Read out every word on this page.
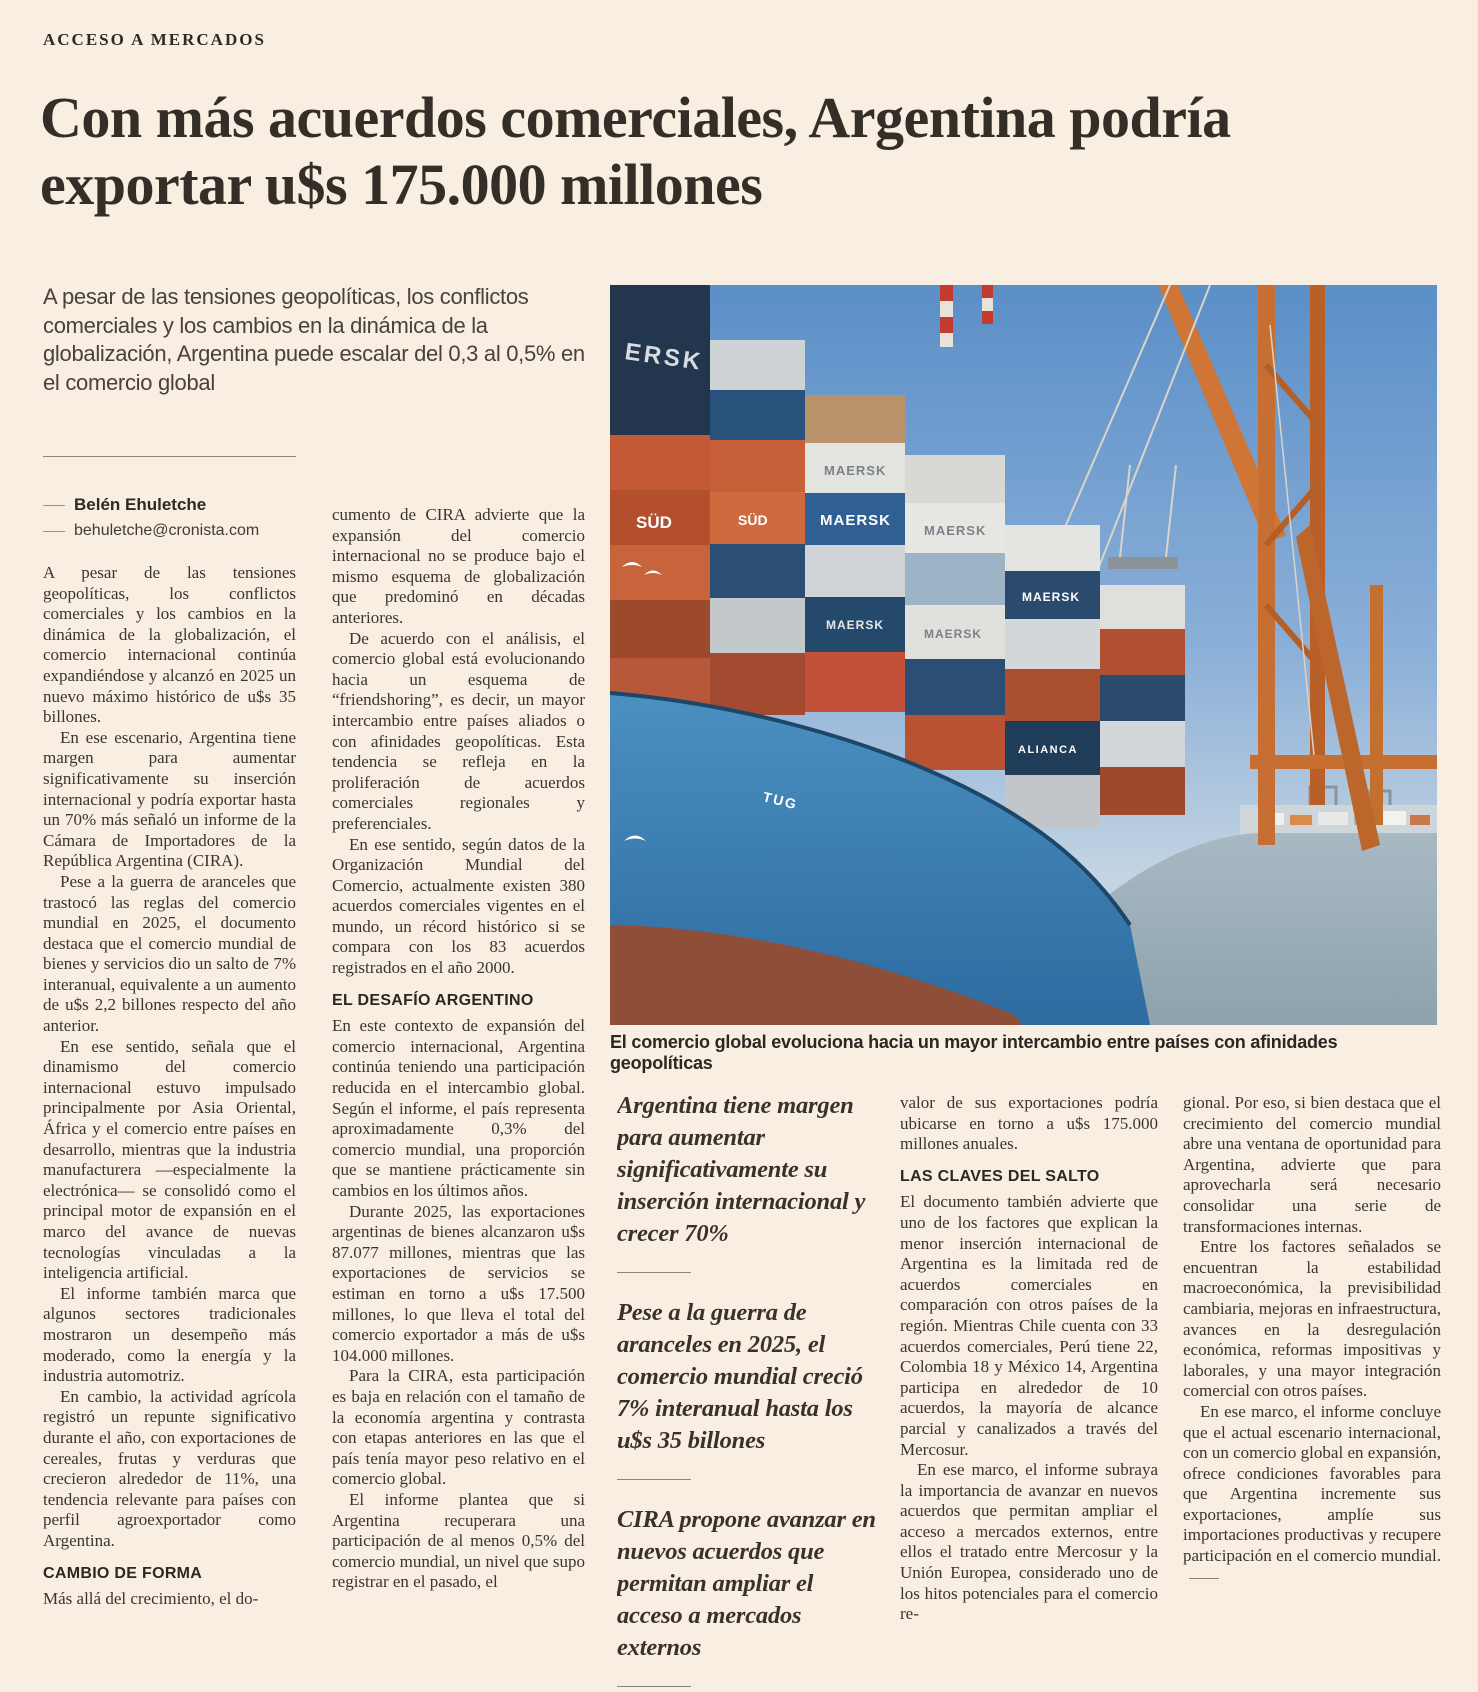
ACCESO A MERCADOS
Con más acuerdos comerciales, Argentina podría exportar u$s 175.000 millones
A pesar de las tensiones geopolíticas, los conflictos comerciales y los cambios en la dinámica de la globalización, Argentina puede escalar del 0,3 al 0,5% en el comercio global
Belén Ehuletche
behuletche@cronista.com

A pesar de las tensiones geopolíticas, los conflictos comerciales y los cambios en la dinámica de la globalización, el comercio internacional continúa expandiéndose y alcanzó en 2025 un nuevo máximo histórico de u$s 35 billones.

En ese escenario, Argentina tiene margen para aumentar significativamente su inserción internacional y podría exportar hasta un 70% más señaló un informe de la Cámara de Importadores de la República Argentina (CIRA).

Pese a la guerra de aranceles que trastocó las reglas del comercio mundial en 2025, el documento destaca que el comercio mundial de bienes y servicios dio un salto de 7% interanual, equivalente a un aumento de u$s 2,2 billones respecto del año anterior.

En ese sentido, señala que el dinamismo del comercio internacional estuvo impulsado principalmente por Asia Oriental, África y el comercio entre países en desarrollo, mientras que la industria manufacturera —especialmente la electrónica— se consolidó como el principal motor de expansión en el marco del avance de nuevas tecnologías vinculadas a la inteligencia artificial.

El informe también marca que algunos sectores tradicionales mostraron un desempeño más moderado, como la energía y la industria automotriz.

En cambio, la actividad agrícola registró un repunte significativo durante el año, con exportaciones de cereales, frutas y verduras que crecieron alrededor de 11%, una tendencia relevante para países con perfil agroexportador como Argentina.

CAMBIO DE FORMA

Más allá del crecimiento, el do-

cumento de CIRA advierte que la expansión del comercio internacional no se produce bajo el mismo esquema de globalización que predominó en décadas anteriores.

De acuerdo con el análisis, el comercio global está evolucionando hacia un esquema de “friendshoring”, es decir, un mayor intercambio entre países aliados o con afinidades geopolíticas. Esta tendencia se refleja en la proliferación de acuerdos comerciales regionales y preferenciales.

En ese sentido, según datos de la Organización Mundial del Comercio, actualmente existen 380 acuerdos comerciales vigentes en el mundo, un récord histórico si se compara con los 83 acuerdos registrados en el año 2000.

EL DESAFÍO ARGENTINO

En este contexto de expansión del comercio internacional, Argentina continúa teniendo una participación reducida en el intercambio global. Según el informe, el país representa aproximadamente 0,3% del comercio mundial, una proporción que se mantiene prácticamente sin cambios en los últimos años.

Durante 2025, las exportaciones argentinas de bienes alcanzaron u$s 87.077 millones, mientras que las exportaciones de servicios se estiman en torno a u$s 17.500 millones, lo que lleva el total del comercio exportador a más de u$s 104.000 millones.

Para la CIRA, esta participación es baja en relación con el tamaño de la economía argentina y contrasta con etapas anteriores en las que el país tenía mayor peso relativo en el comercio global.

El informe plantea que si Argentina recuperara una participación de al menos 0,5% del comercio mundial, un nivel que supo registrar en el pasado, el

ERSK
SÜD	SÜD
MAERSK
MAERSK
MAERSK
MAERSK
MAERSK
MAERSK
ALIANCA
TUG
El comercio global evoluciona hacia un mayor intercambio entre países con afinidades geopolíticas
Argentina tiene margen para aumentar significativamente su inserción internacional y crecer 70%
Pese a la guerra de aranceles en 2025, el comercio mundial creció 7% interanual hasta los u$s 35 billones
CIRA propone avanzar en nuevos acuerdos que permitan ampliar el acceso a mercados externos

valor de sus exportaciones podría ubicarse en torno a u$s 175.000 millones anuales.

LAS CLAVES DEL SALTO

El documento también advierte que uno de los factores que explican la menor inserción internacional de Argentina es la limitada red de acuerdos comerciales en comparación con otros países de la región. Mientras Chile cuenta con 33 acuerdos comerciales, Perú tiene 22, Colombia 18 y México 14, Argentina participa en alrededor de 10 acuerdos, la mayoría de alcance parcial y canalizados a través del Mercosur.

En ese marco, el informe subraya la importancia de avanzar en nuevos acuerdos que permitan ampliar el acceso a mercados externos, entre ellos el tratado entre Mercosur y la Unión Europea, considerado uno de los hitos potenciales para el comercio re-

gional. Por eso, si bien destaca que el crecimiento del comercio mundial abre una ventana de oportunidad para Argentina, advierte que para aprovecharla será necesario consolidar una serie de transformaciones internas.

Entre los factores señalados se encuentran la estabilidad macroeconómica, la previsibilidad cambiaria, mejoras en infraestructura, avances en la desregulación económica, reformas impositivas y laborales, y una mayor integración comercial con otros países.

En ese marco, el informe concluye que el actual escenario internacional, con un comercio global en expansión, ofrece condiciones favorables para que Argentina incremente sus exportaciones, amplíe sus importaciones productivas y recupere participación en el comercio mundial.
